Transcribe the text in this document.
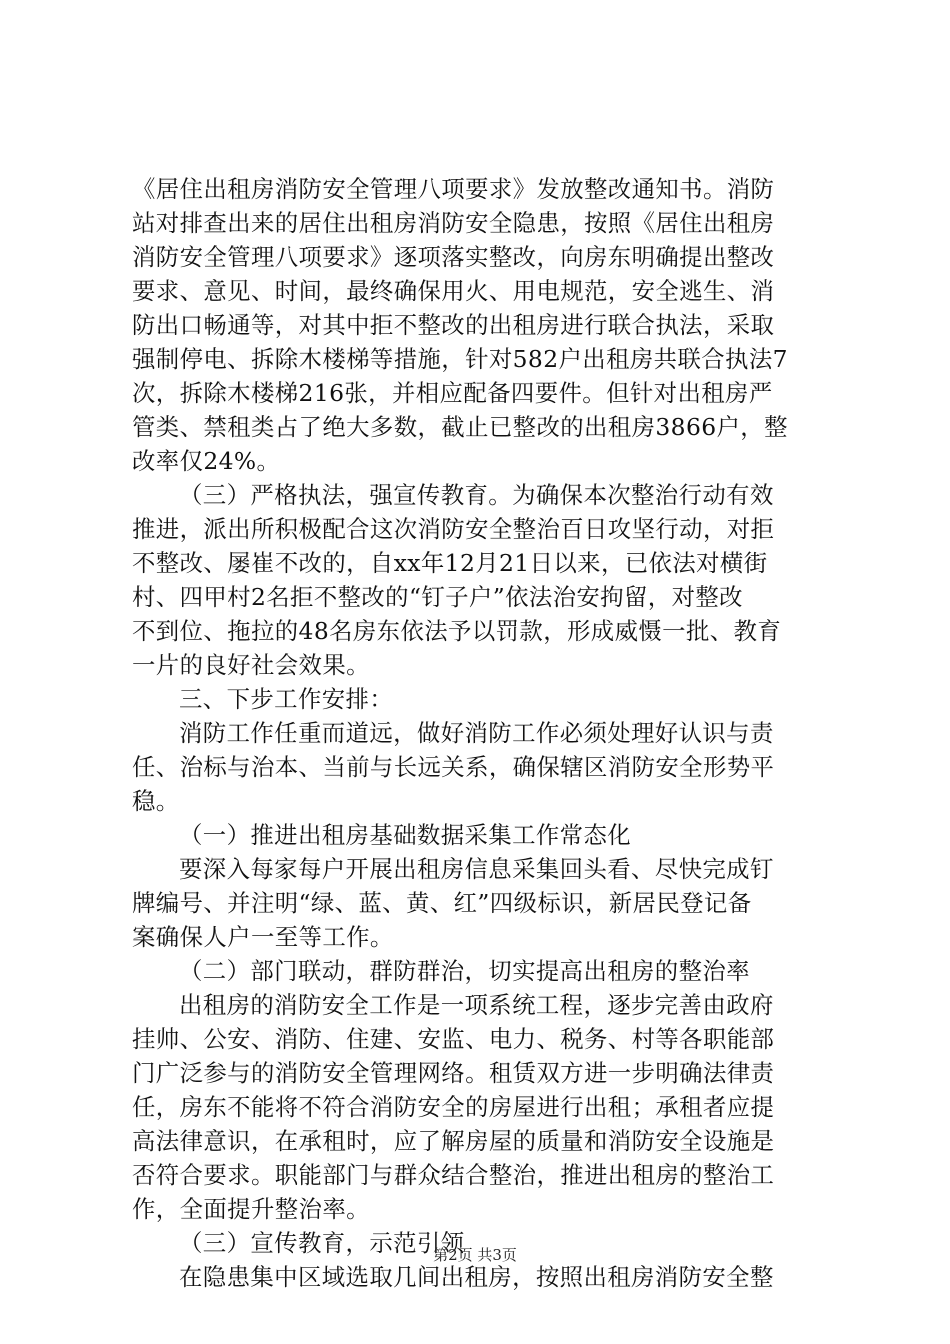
《居住出租房消防安全管理八项要求》发放整改通知书。消防
站对排查出来的居住出租房消防安全隐患，按照《居住出租房
消防安全管理八项要求》逐项落实整改，向房东明确提出整改
要求、意见、时间，最终确保用火、用电规范，安全逃生、消
防出口畅通等，对其中拒不整改的出租房进行联合执法，采取
强制停电、拆除木楼梯等措施，针对582户出租房共联合执法7
次，拆除木楼梯216张，并相应配备四要件。但针对出租房严
管类、禁租类占了绝大多数，截止已整改的出租房3866户，整
改率仅24%。
（三）严格执法，强宣传教育。为确保本次整治行动有效
推进，派出所积极配合这次消防安全整治百日攻坚行动，对拒
不整改、屡崔不改的，自xx年12月21日以来，已依法对横街
村、四甲村2名拒不整改的“钉子户”依法治安拘留，对整改
不到位、拖拉的48名房东依法予以罚款，形成威慑一批、教育
一片的良好社会效果。
三、下步工作安排：
消防工作任重而道远，做好消防工作必须处理好认识与责
任、治标与治本、当前与长远关系，确保辖区消防安全形势平
稳。
（一）推进出租房基础数据采集工作常态化
要深入每家每户开展出租房信息采集回头看、尽快完成钉
牌编号、并注明“绿、蓝、黄、红”四级标识，新居民登记备
案确保人户一至等工作。
（二）部门联动，群防群治，切实提高出租房的整治率
出租房的消防安全工作是一项系统工程，逐步完善由政府
挂帅、公安、消防、住建、安监、电力、税务、村等各职能部
门广泛参与的消防安全管理网络。租赁双方进一步明确法律责
任，房东不能将不符合消防安全的房屋进行出租；承租者应提
高法律意识，在承租时，应了解房屋的质量和消防安全设施是
否符合要求。职能部门与群众结合整治，推进出租房的整治工
作，全面提升整治率。
（三）宣传教育，示范引领
在隐患集中区域选取几间出租房，按照出租房消防安全整
第2页 共3页
